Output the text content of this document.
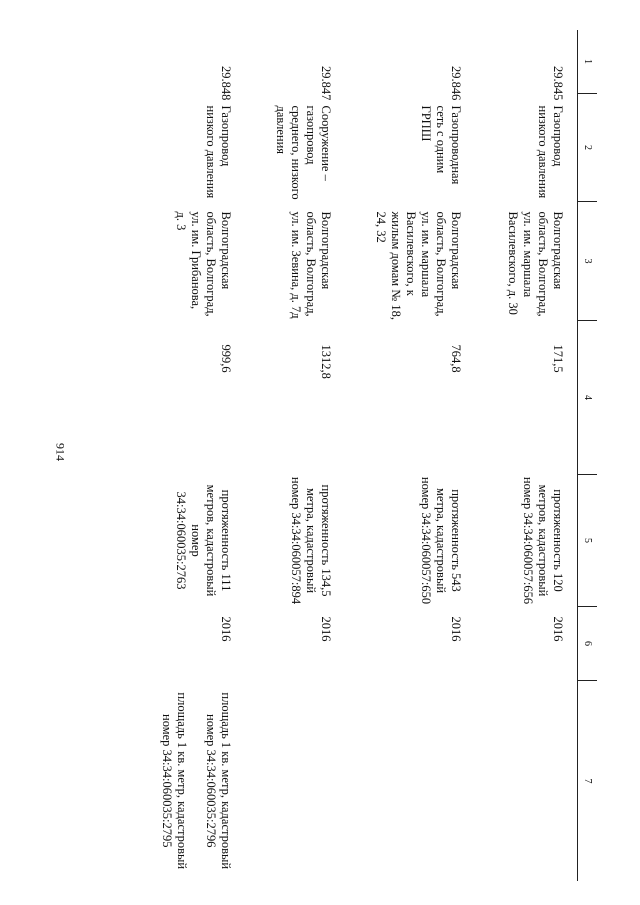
914
1	2	3	4	5	6	7
29.845	Газопровод низкого давления	Волгоградская область, Волгоград, ул. им. маршала Василевского, д. 30	171,5	протяженность 120 метров, кадастровый номер 34:34:060057:656	2016	
29.846	Газопроводная сеть с одним ГРПШ	Волгоградская область, Волгоград, ул. им. маршала Василевского, к жилым домам № 18, 24, 32	764,8	протяженность 543 метра, кадастровый номер 34:34:060057:650	2016	
29.847	Сооружение – газопровод среднего, низкого давления	Волгоградская область, Волгоград, ул. им. Зевина, д. 7д	1312,8	протяженность 134,5 метра, кадастровый номер 34:34:060057:894	2016	
29.848	Газопровод низкого давления	Волгоградская область, Волгоград, ул. им. Грибанова, д. 3	999,6	протяженность 111 метров, кадастровый номер 34:34:060035:2763	2016	площадь 1 кв. метр, кадастровый номер 34:34:060035:2796
площадь 1 кв. метр, кадастровый номер 34:34:060035:2795
